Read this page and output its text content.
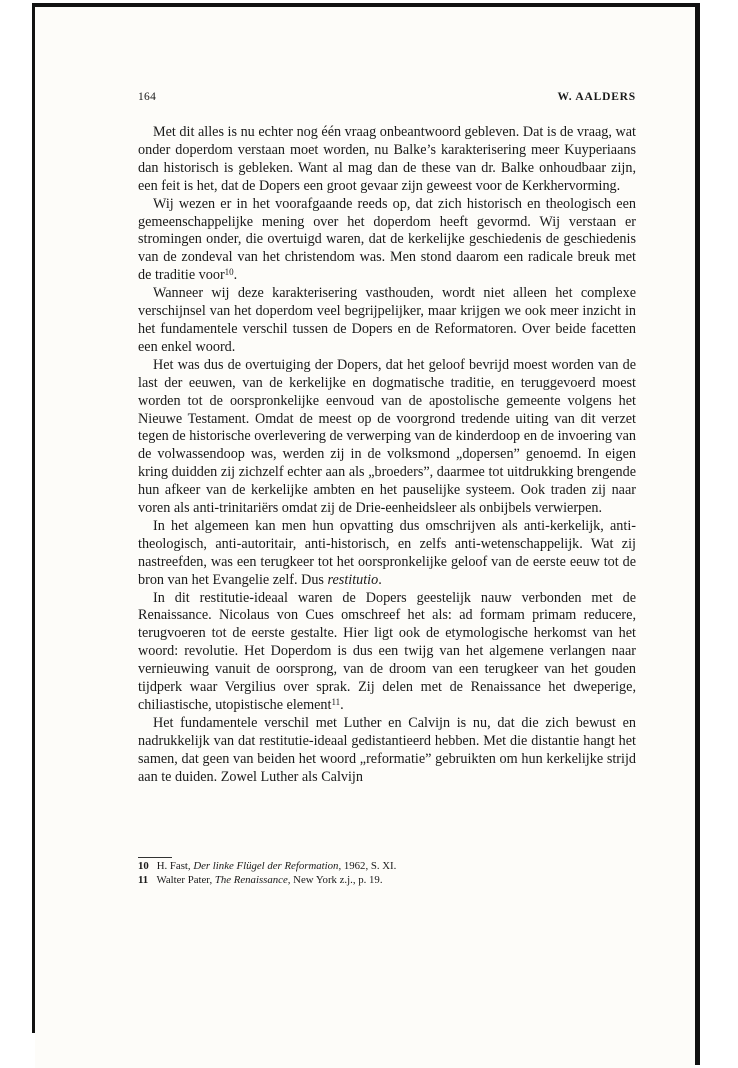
164	W. AALDERS

Met dit alles is nu echter nog één vraag onbeantwoord gebleven. Dat is de vraag, wat onder doperdom verstaan moet worden, nu Balke’s karakterisering meer Kuyperiaans dan historisch is gebleken. Want al mag dan de these van dr. Balke onhoudbaar zijn, een feit is het, dat de Dopers een groot gevaar zijn geweest voor de Kerkhervorming.

Wij wezen er in het voorafgaande reeds op, dat zich historisch en theologisch een gemeenschappelijke mening over het doperdom heeft gevormd. Wij verstaan er stromingen onder, die overtuigd waren, dat de kerkelijke geschiedenis de geschiedenis van de zondeval van het christendom was. Men stond daarom een radicale breuk met de traditie voor$^{10}$.

Wanneer wij deze karakterisering vasthouden, wordt niet alleen het complexe verschijnsel van het doperdom veel begrijpelijker, maar krijgen we ook meer inzicht in het fundamentele verschil tussen de Dopers en de Reformatoren. Over beide facetten een enkel woord.

Het was dus de overtuiging der Dopers, dat het geloof bevrijd moest worden van de last der eeuwen, van de kerkelijke en dogmatische traditie, en teruggevoerd moest worden tot de oorspronkelijke eenvoud van de apostolische gemeente volgens het Nieuwe Testament. Omdat de meest op de voorgrond tredende uiting van dit verzet tegen de historische overlevering de verwerping van de kinderdoop en de invoering van de volwassendoop was, werden zij in de volksmond „dopersen” genoemd. In eigen kring duidden zij zichzelf echter aan als „broeders”, daarmee tot uitdrukking brengende hun afkeer van de kerkelijke ambten en het pauselijke systeem. Ook traden zij naar voren als anti-trinitariërs omdat zij de Drie-eenheidsleer als onbijbels verwierpen.

In het algemeen kan men hun opvatting dus omschrijven als anti-kerkelijk, anti-theologisch, anti-autoritair, anti-historisch, en zelfs anti-wetenschappelijk. Wat zij nastreefden, was een terugkeer tot het oorspronkelijke geloof van de eerste eeuw tot de bron van het Evangelie zelf. Dus restitutio.

In dit restitutie-ideaal waren de Dopers geestelijk nauw verbonden met de Renaissance. Nicolaus von Cues omschreef het als: ad formam primam reducere, terugvoeren tot de eerste gestalte. Hier ligt ook de etymologische herkomst van het woord: revolutie. Het Doperdom is dus een twijg van het algemene verlangen naar vernieuwing vanuit de oorsprong, van de droom van een terugkeer van het gouden tijdperk waar Vergilius over sprak. Zij delen met de Renaissance het dweperige, chiliastische, utopistische element$^{11}$.

Het fundamentele verschil met Luther en Calvijn is nu, dat die zich bewust en nadrukkelijk van dat restitutie-ideaal gedistantieerd hebben. Met die distantie hangt het samen, dat geen van beiden het woord „reformatie” gebruikten om hun kerkelijke strijd aan te duiden. Zowel Luther als Calvijn

10 H. Fast, Der linke Flügel der Reformation, 1962, S. XI.
11 Walter Pater, The Renaissance, New York z.j., p. 19.
